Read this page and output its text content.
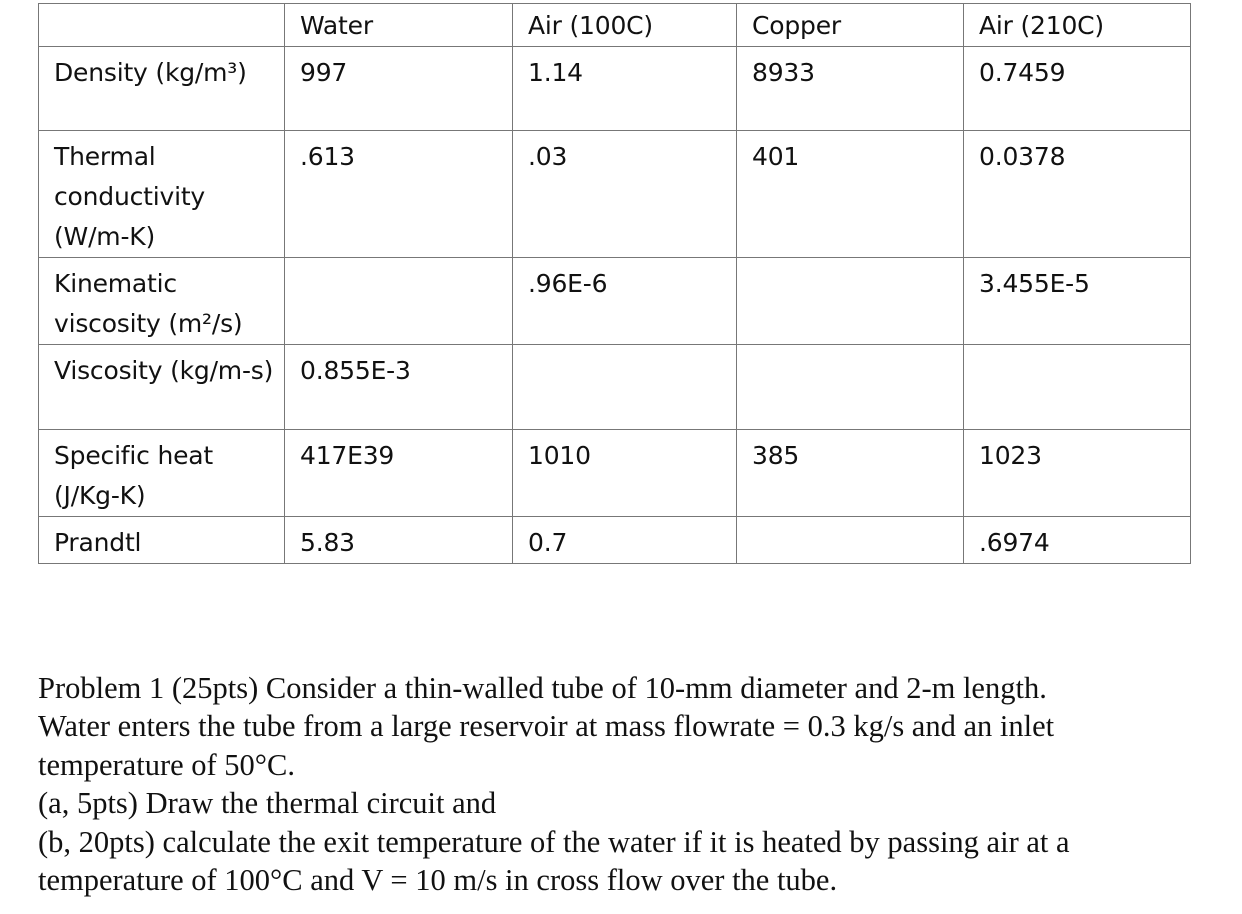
	Water	Air (100C)	Copper	Air (210C)
Density (kg/m³)	997	1.14	8933	0.7459
Thermal conductivity (W/m-K)	.613	.03	401	0.0378
Kinematic viscosity (m²/s)		.96E-6		3.455E-5
Viscosity (kg/m-s)	0.855E-3			
Specific heat (J/Kg-K)	417E39	1010	385	1023
Prandtl	5.83	0.7		.6974
Problem 1 (25pts) Consider a thin-walled tube of 10-mm diameter and 2-m length.
Water enters the tube from a large reservoir at mass flowrate = 0.3 kg/s and an inlet
temperature of 50°C.
(a, 5pts) Draw the thermal circuit and
(b, 20pts) calculate the exit temperature of the water if it is heated by passing air at a
temperature of 100°C and V = 10 m/s in cross flow over the tube.
